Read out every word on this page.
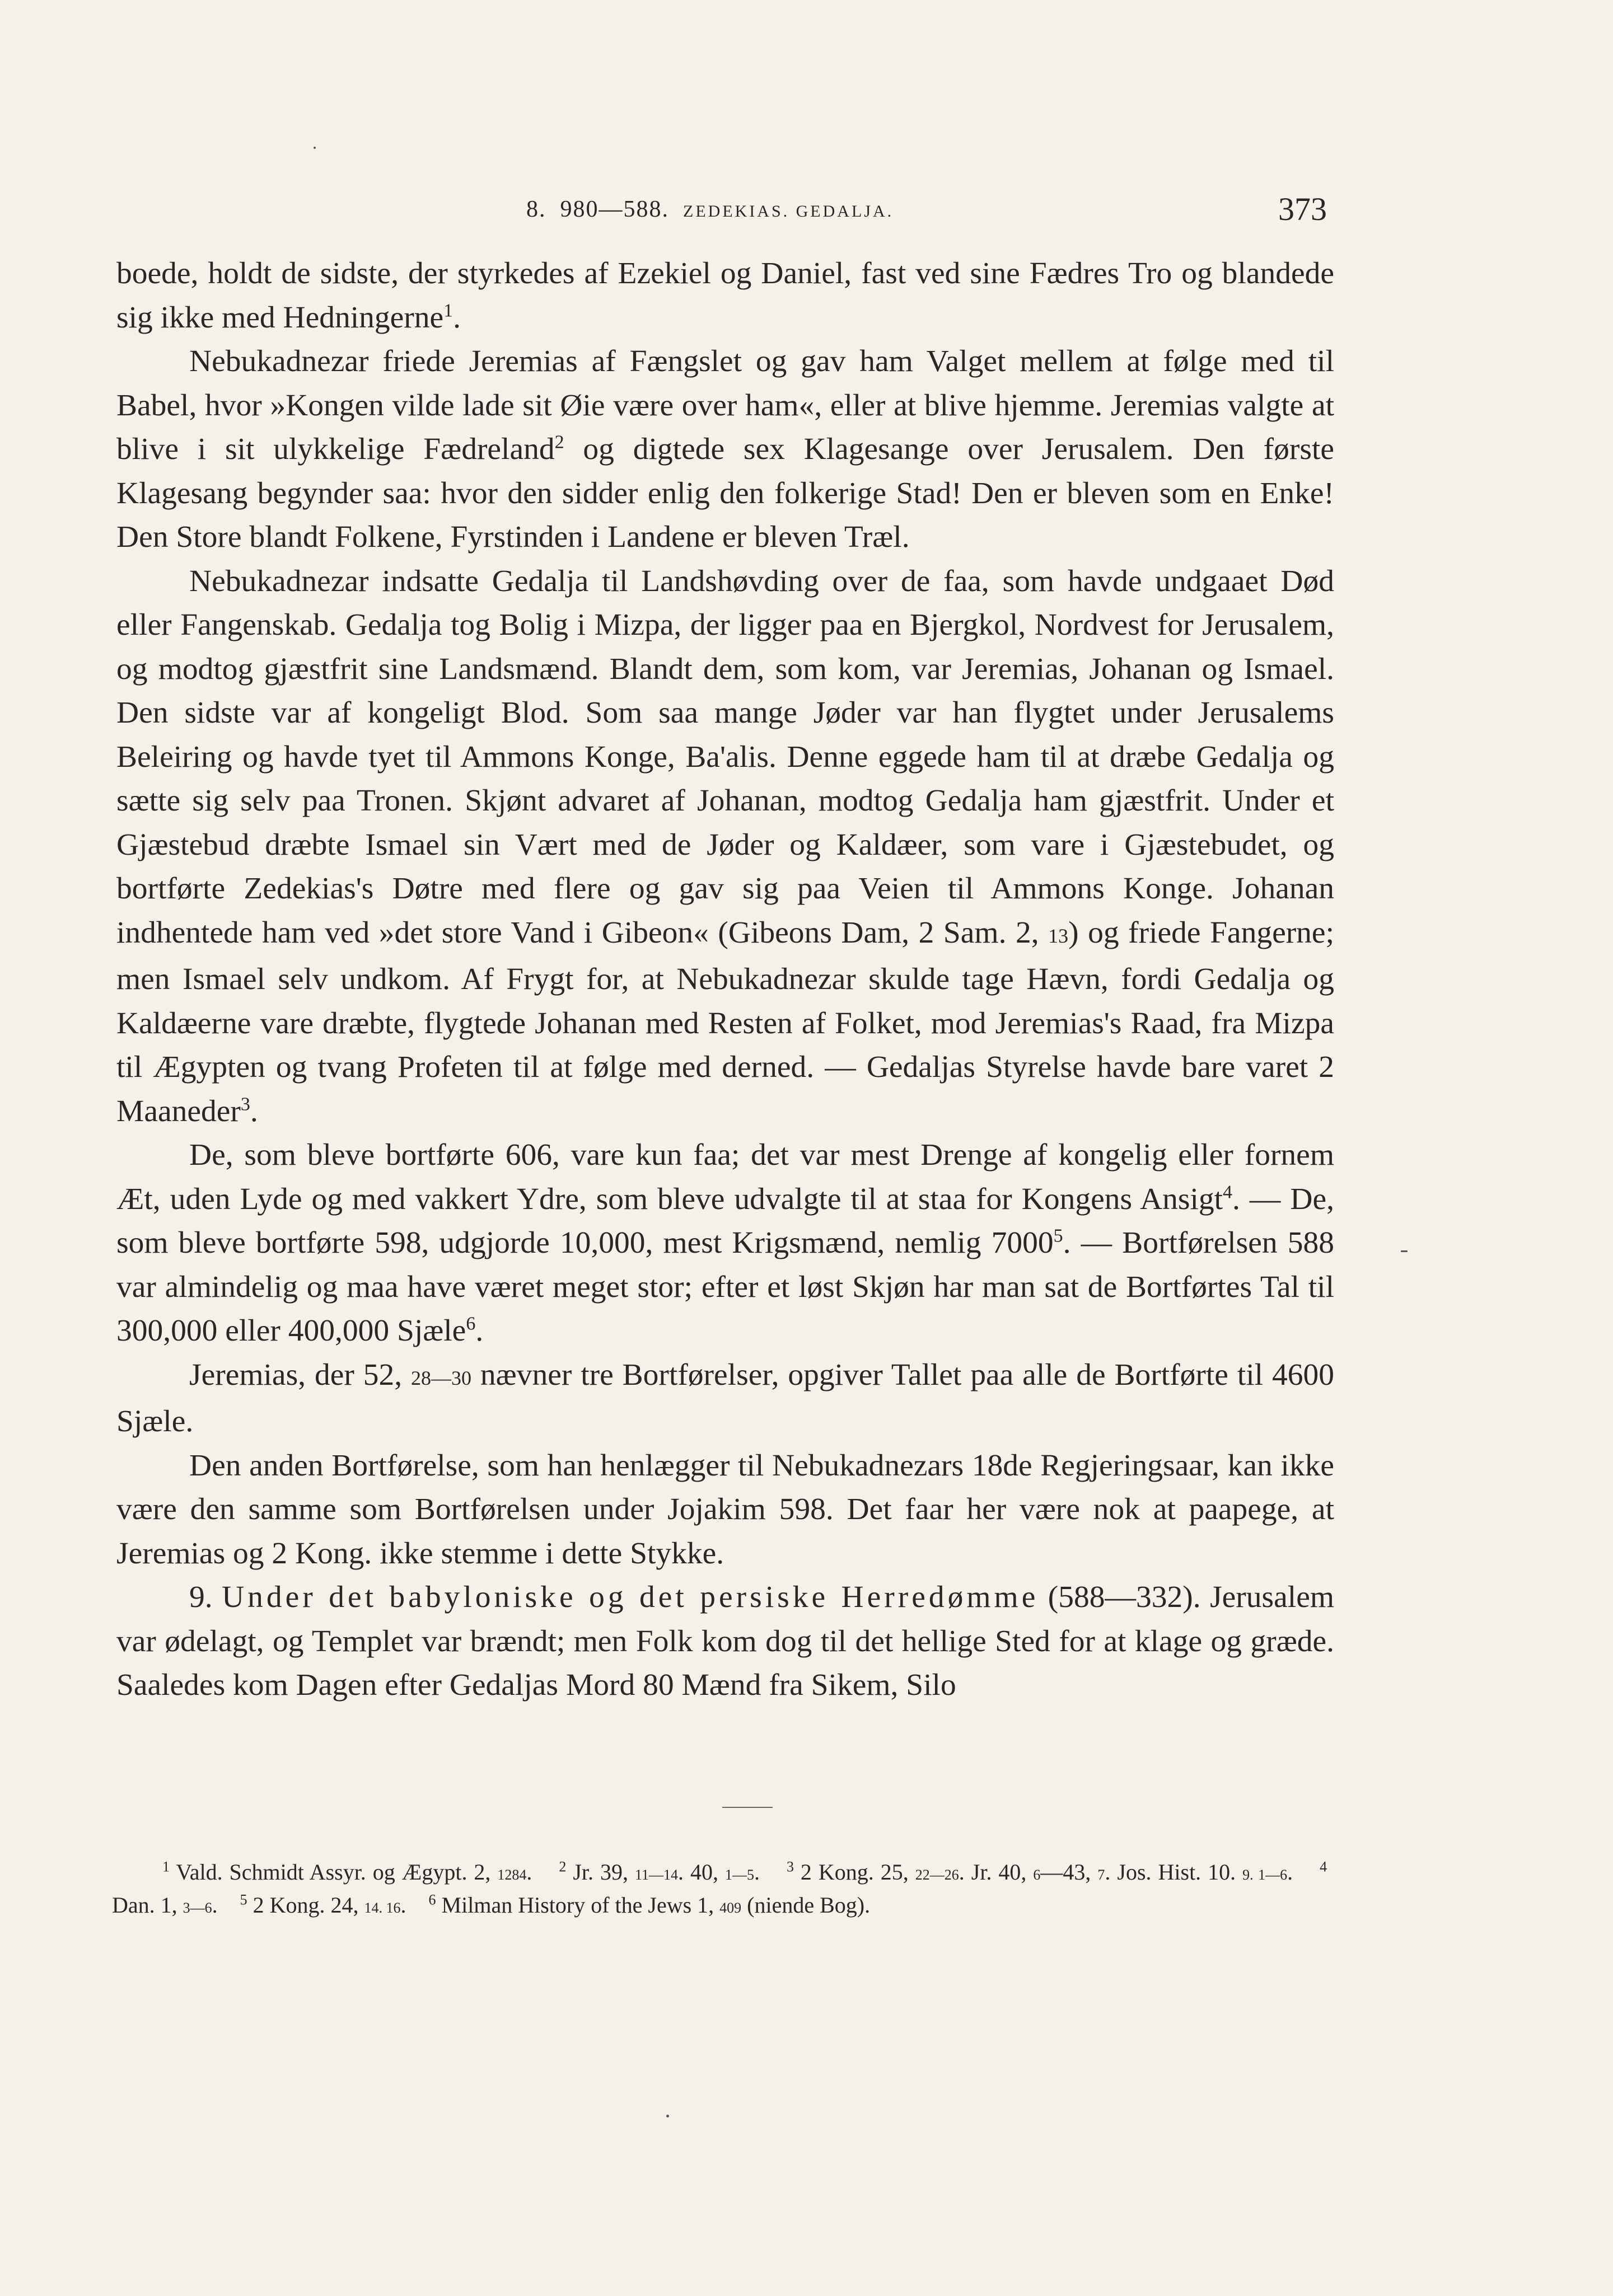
8. 980—588. ZEDEKIAS. GEDALJA.	373

boede, holdt de sidste, der styrkedes af Ezekiel og Daniel, fast ved sine Fædres Tro og blandede sig ikke med Hedningerne$^1$.

Nebukadnezar friede Jeremias af Fængslet og gav ham Valget mellem at følge med til Babel, hvor »Kongen vilde lade sit Øie være over ham«, eller at blive hjemme. Jeremias valgte at blive i sit ulykkelige Fædreland$^2$ og digtede sex Klagesange over Jerusalem. Den første Klagesang begynder saa: hvor den sidder enlig den folkerige Stad! Den er bleven som en Enke! Den Store blandt Folkene, Fyrstinden i Landene er bleven Træl.

Nebukadnezar indsatte Gedalja til Landshøvding over de faa, som havde undgaaet Død eller Fangenskab. Gedalja tog Bolig i Mizpa, der ligger paa en Bjergkol, Nordvest for Jerusalem, og modtog gjæstfrit sine Landsmænd. Blandt dem, som kom, var Jeremias, Johanan og Ismael. Den sidste var af kongeligt Blod. Som saa mange Jøder var han flygtet under Jerusalems Beleiring og havde tyet til Ammons Konge, Ba'alis. Denne eggede ham til at dræbe Gedalja og sætte sig selv paa Tronen. Skjønt advaret af Johanan, modtog Gedalja ham gjæstfrit. Under et Gjæstebud dræbte Ismael sin Vært med de Jøder og Kaldæer, som vare i Gjæstebudet, og bortførte Zedekias's Døtre med flere og gav sig paa Veien til Ammons Konge. Johanan indhentede ham ved »det store Vand i Gibeon« (Gibeons Dam, 2 Sam. 2, 13) og friede Fangerne; men Ismael selv undkom. Af Frygt for, at Nebukadnezar skulde tage Hævn, fordi Gedalja og Kaldæerne vare dræbte, flygtede Johanan med Resten af Folket, mod Jeremias's Raad, fra Mizpa til Ægypten og tvang Profeten til at følge med derned. — Gedaljas Styrelse havde bare varet 2 Maaneder$^3$.

De, som bleve bortførte 606, vare kun faa; det var mest Drenge af kongelig eller fornem Æt, uden Lyde og med vakkert Ydre, som bleve udvalgte til at staa for Kongens Ansigt$^4$. — De, som bleve bortførte 598, udgjorde 10,000, mest Krigsmænd, nemlig 7000$^5$. — Bortførelsen 588 var almindelig og maa have været meget stor; efter et løst Skjøn har man sat de Bortførtes Tal til 300,000 eller 400,000 Sjæle$^6$.

Jeremias, der 52, 28—30 nævner tre Bortførelser, opgiver Tallet paa alle de Bortførte til 4600 Sjæle.

Den anden Bortførelse, som han henlægger til Nebukadnezars 18de Regjeringsaar, kan ikke være den samme som Bortførelsen under Jojakim 598. Det faar her være nok at paapege, at Jeremias og 2 Kong. ikke stemme i dette Stykke.

9. Under det babyloniske og det persiske Herredømme (588—332). Jerusalem var ødelagt, og Templet var brændt; men Folk kom dog til det hellige Sted for at klage og græde. Saaledes kom Dagen efter Gedaljas Mord 80 Mænd fra Sikem, Silo

$^1$ Vald. Schmidt Assyr. og Ægypt. 2, 1284. $^2$ Jr. 39, 11—14. 40, 1—5. $^3$ 2 Kong. 25, 22—26. Jr. 40, 6—43, 7. Jos. Hist. 10. 9. 1—6. $^4$ Dan. 1, 3—6. $^5$ 2 Kong. 24, 14. 16. $^6$ Milman History of the Jews 1, 409 (niende Bog).
